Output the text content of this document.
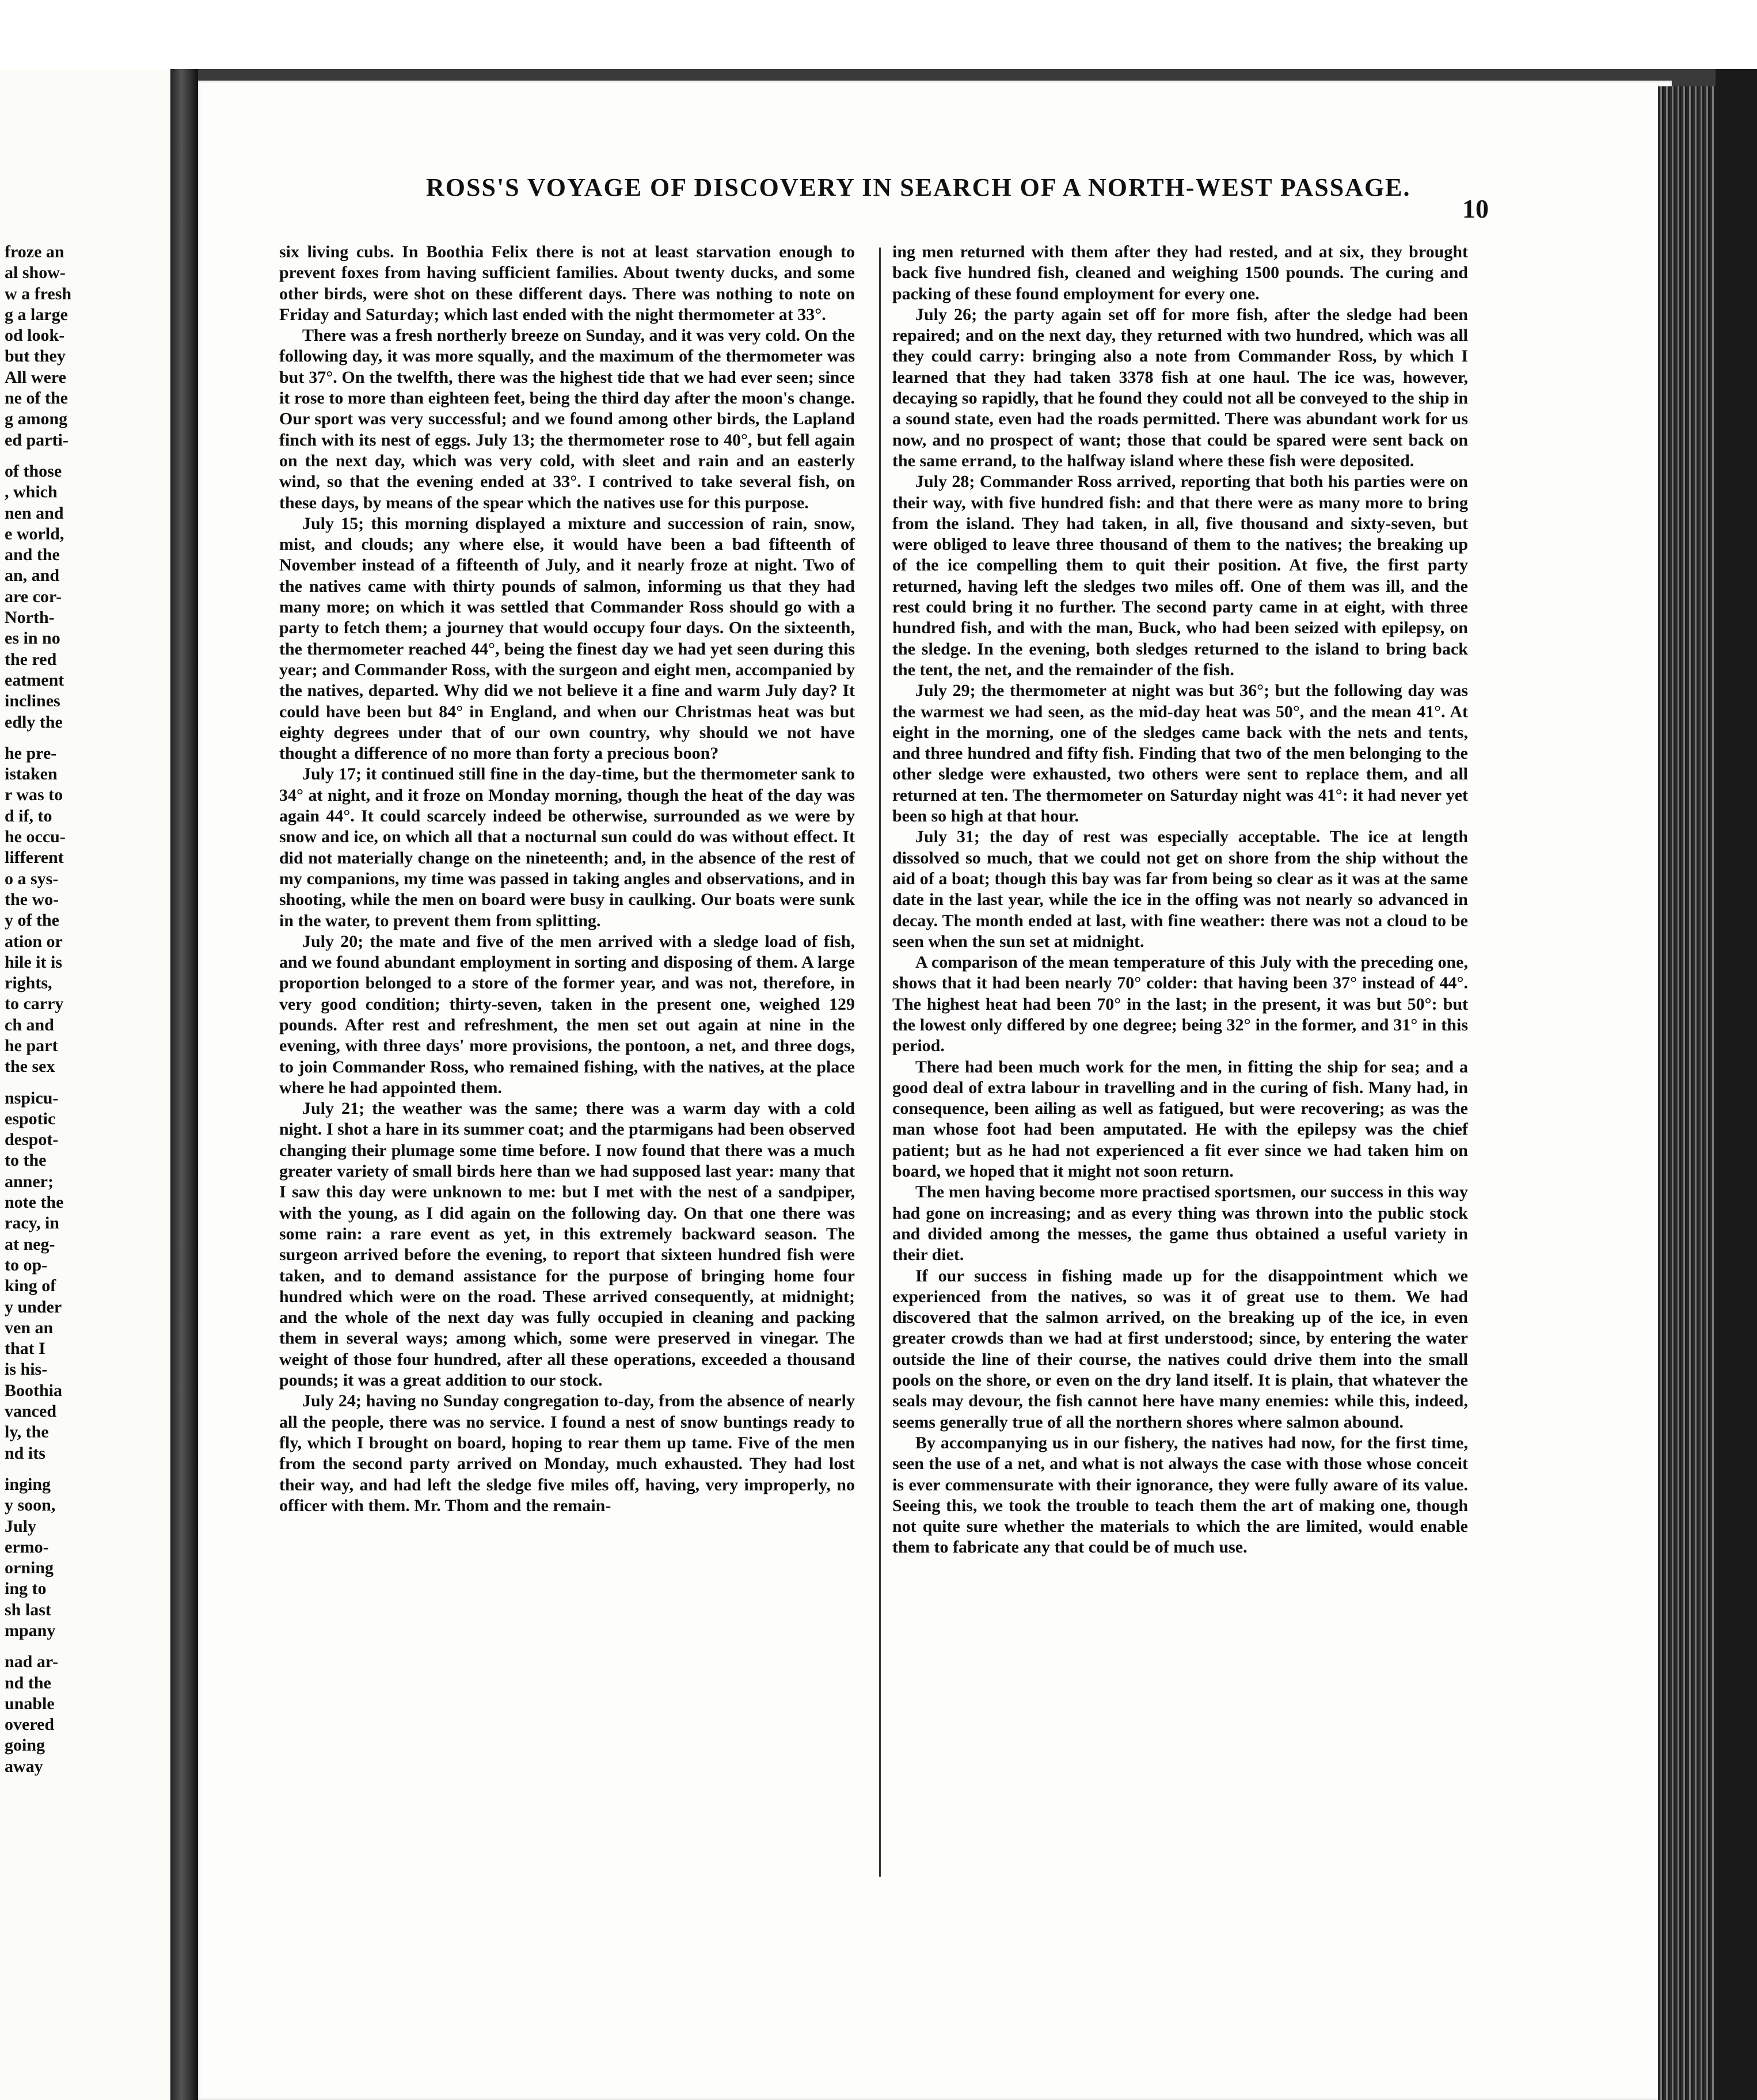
froze an
al show-
w a fresh
g a large
od look-
but they
All were
ne of the
g among
ed parti-
of those
, which
nen and
e world,
and the
an, and
are cor-
North-
es in no
the red
eatment
inclines
edly the
he pre-
istaken
r was to
d if, to
he occu-
lifferent
o a sys-
the wo-
y of the
ation or
hile it is
rights,
to carry
ch and
he part
the sex
nspicu-
espotic
despot-
to the
anner;
note the
racy, in
at neg-
to op-
king of
y under
ven an
that I
is his-
Boothia
vanced
ly, the
nd its
inging
y soon,
July
ermo-
orning
ing to
sh last
mpany
nad ar-
nd the
unable
overed
going
away
ROSS'S VOYAGE OF DISCOVERY IN SEARCH OF A NORTH-WEST PASSAGE.
10

six living cubs. In Boothia Felix there is not at least starvation enough to prevent foxes from having sufficient families. About twenty ducks, and some other birds, were shot on these different days. There was nothing to note on Friday and Saturday; which last ended with the night thermometer at 33°.

There was a fresh northerly breeze on Sunday, and it was very cold. On the following day, it was more squally, and the maximum of the thermometer was but 37°. On the twelfth, there was the highest tide that we had ever seen; since it rose to more than eighteen feet, being the third day after the moon's change. Our sport was very successful; and we found among other birds, the Lapland finch with its nest of eggs. July 13; the thermometer rose to 40°, but fell again on the next day, which was very cold, with sleet and rain and an easterly wind, so that the evening ended at 33°. I contrived to take several fish, on these days, by means of the spear which the natives use for this purpose.

July 15; this morning displayed a mixture and succession of rain, snow, mist, and clouds; any where else, it would have been a bad fifteenth of November instead of a fifteenth of July, and it nearly froze at night. Two of the natives came with thirty pounds of salmon, informing us that they had many more; on which it was settled that Commander Ross should go with a party to fetch them; a journey that would occupy four days. On the sixteenth, the thermometer reached 44°, being the finest day we had yet seen during this year; and Commander Ross, with the surgeon and eight men, accompanied by the natives, departed. Why did we not believe it a fine and warm July day? It could have been but 84° in England, and when our Christmas heat was but eighty degrees under that of our own country, why should we not have thought a difference of no more than forty a precious boon?

July 17; it continued still fine in the day-time, but the thermometer sank to 34° at night, and it froze on Monday morning, though the heat of the day was again 44°. It could scarcely indeed be otherwise, surrounded as we were by snow and ice, on which all that a nocturnal sun could do was without effect. It did not materially change on the nineteenth; and, in the absence of the rest of my companions, my time was passed in taking angles and observations, and in shooting, while the men on board were busy in caulking. Our boats were sunk in the water, to prevent them from splitting.

July 20; the mate and five of the men arrived with a sledge load of fish, and we found abundant employment in sorting and disposing of them. A large proportion belonged to a store of the former year, and was not, therefore, in very good condition; thirty-seven, taken in the present one, weighed 129 pounds. After rest and refreshment, the men set out again at nine in the evening, with three days' more provisions, the pontoon, a net, and three dogs, to join Commander Ross, who remained fishing, with the natives, at the place where he had appointed them.

July 21; the weather was the same; there was a warm day with a cold night. I shot a hare in its summer coat; and the ptarmigans had been observed changing their plumage some time before. I now found that there was a much greater variety of small birds here than we had supposed last year: many that I saw this day were unknown to me: but I met with the nest of a sandpiper, with the young, as I did again on the following day. On that one there was some rain: a rare event as yet, in this extremely backward season. The surgeon arrived before the evening, to report that sixteen hundred fish were taken, and to demand assistance for the purpose of bringing home four hundred which were on the road. These arrived consequently, at midnight; and the whole of the next day was fully occupied in cleaning and packing them in several ways; among which, some were preserved in vinegar. The weight of those four hundred, after all these operations, exceeded a thousand pounds; it was a great addition to our stock.

July 24; having no Sunday congregation to-day, from the absence of nearly all the people, there was no service. I found a nest of snow buntings ready to fly, which I brought on board, hoping to rear them up tame. Five of the men from the second party arrived on Monday, much exhausted. They had lost their way, and had left the sledge five miles off, having, very improperly, no officer with them. Mr. Thom and the remain-

ing men returned with them after they had rested, and at six, they brought back five hundred fish, cleaned and weighing 1500 pounds. The curing and packing of these found employment for every one.

July 26; the party again set off for more fish, after the sledge had been repaired; and on the next day, they returned with two hundred, which was all they could carry: bringing also a note from Commander Ross, by which I learned that they had taken 3378 fish at one haul. The ice was, however, decaying so rapidly, that he found they could not all be conveyed to the ship in a sound state, even had the roads permitted. There was abundant work for us now, and no prospect of want; those that could be spared were sent back on the same errand, to the halfway island where these fish were deposited.

July 28; Commander Ross arrived, reporting that both his parties were on their way, with five hundred fish: and that there were as many more to bring from the island. They had taken, in all, five thousand and sixty-seven, but were obliged to leave three thousand of them to the natives; the breaking up of the ice compelling them to quit their position. At five, the first party returned, having left the sledges two miles off. One of them was ill, and the rest could bring it no further. The second party came in at eight, with three hundred fish, and with the man, Buck, who had been seized with epilepsy, on the sledge. In the evening, both sledges returned to the island to bring back the tent, the net, and the remainder of the fish.

July 29; the thermometer at night was but 36°; but the following day was the warmest we had seen, as the mid-day heat was 50°, and the mean 41°. At eight in the morning, one of the sledges came back with the nets and tents, and three hundred and fifty fish. Finding that two of the men belonging to the other sledge were exhausted, two others were sent to replace them, and all returned at ten. The thermometer on Saturday night was 41°: it had never yet been so high at that hour.

July 31; the day of rest was especially acceptable. The ice at length dissolved so much, that we could not get on shore from the ship without the aid of a boat; though this bay was far from being so clear as it was at the same date in the last year, while the ice in the offing was not nearly so advanced in decay. The month ended at last, with fine weather: there was not a cloud to be seen when the sun set at midnight.

A comparison of the mean temperature of this July with the preceding one, shows that it had been nearly 70° colder: that having been 37° instead of 44°. The highest heat had been 70° in the last; in the present, it was but 50°: but the lowest only differed by one degree; being 32° in the former, and 31° in this period.

There had been much work for the men, in fitting the ship for sea; and a good deal of extra labour in travelling and in the curing of fish. Many had, in consequence, been ailing as well as fatigued, but were recovering; as was the man whose foot had been amputated. He with the epilepsy was the chief patient; but as he had not experienced a fit ever since we had taken him on board, we hoped that it might not soon return.

The men having become more practised sportsmen, our success in this way had gone on increasing; and as every thing was thrown into the public stock and divided among the messes, the game thus obtained a useful variety in their diet.

If our success in fishing made up for the disappointment which we experienced from the natives, so was it of great use to them. We had discovered that the salmon arrived, on the breaking up of the ice, in even greater crowds than we had at first understood; since, by entering the water outside the line of their course, the natives could drive them into the small pools on the shore, or even on the dry land itself. It is plain, that whatever the seals may devour, the fish cannot here have many enemies: while this, indeed, seems generally true of all the northern shores where salmon abound.

By accompanying us in our fishery, the natives had now, for the first time, seen the use of a net, and what is not always the case with those whose conceit is ever commensurate with their ignorance, they were fully aware of its value. Seeing this, we took the trouble to teach them the art of making one, though not quite sure whether the materials to which the are limited, would enable them to fabricate any that could be of much use.
